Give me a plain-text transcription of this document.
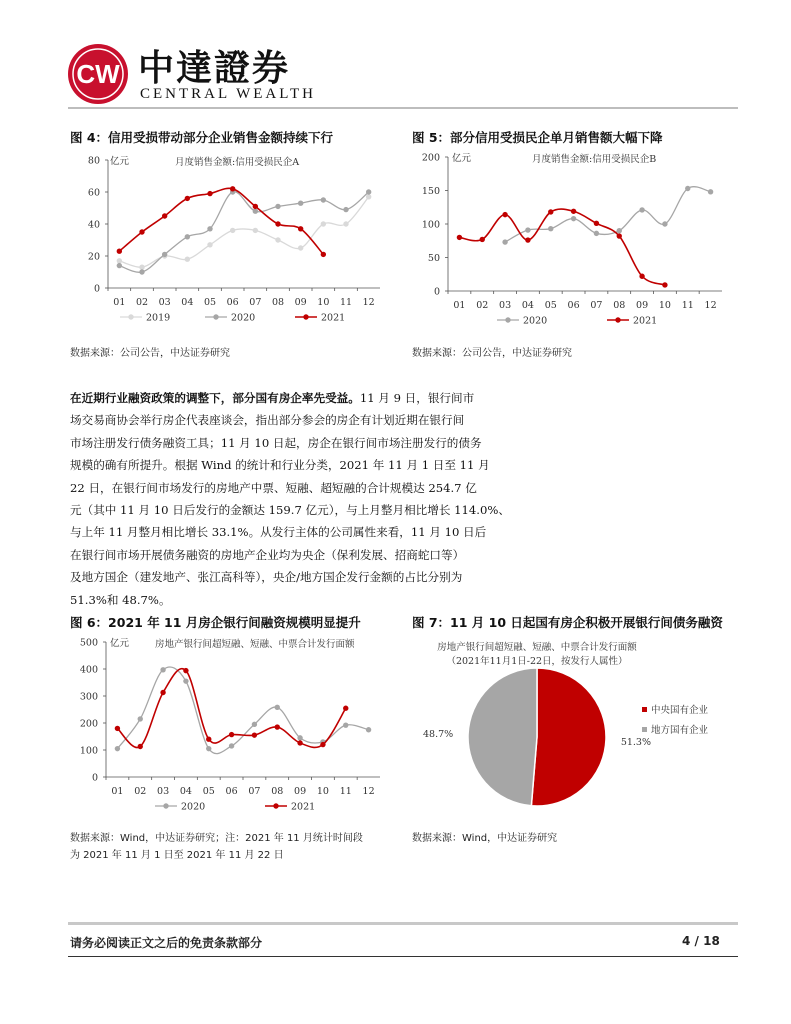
CW 中達證券
CENTRAL WEALTH
图 4：信用受损带动部分企业销售金额持续下行	图 5：部分信用受损民企单月销售额大幅下降
0
20
40
60
80
01 02 03 04 05 06 07 08 09 10 11 12
亿元	月度销售金额:信用受损民企A
2019	2020	2021
0
50
100
150
200
01 02 03 04 05 06 07 08 09 10 11 12
亿元	月度销售金额:信用受损民企B
2020	2021
数据来源：公司公告，中达证券研究	数据来源：公司公告，中达证券研究
在近期行业融资政策的调整下，部分国有房企率先受益。11 月 9 日，银行间市
场交易商协会举行房企代表座谈会，指出部分参会的房企有计划近期在银行间
市场注册发行债务融资工具；11 月 10 日起，房企在银行间市场注册发行的债务
规模的确有所提升。根据 Wind 的统计和行业分类，2021 年 11 月 1 日至 11 月
22 日，在银行间市场发行的房地产中票、短融、超短融的合计规模达 254.7 亿
元（其中 11 月 10 日后发行的金额达 159.7 亿元），与上月整月相比增长 114.0%、
与上年 11 月整月相比增长 33.1%。从发行主体的公司属性来看，11 月 10 日后
在银行间市场开展债务融资的房地产企业均为央企（保利发展、招商蛇口等）
及地方国企（建发地产、张江高科等），央企/地方国企发行金额的占比分别为
51.3%和 48.7%。
图 6：2021 年 11 月房企银行间融资规模明显提升	图 7：11 月 10 日起国有房企积极开展银行间债务融资
0
100
200
300
400
500
01 02 03 04 05 06 07 08 09 10 11 12
亿元	房地产银行间超短融、短融、中票合计发行面额
2020	2021
房地产银行间超短融、短融、中票合计发行面额
（2021年11月1日-22日，按发行人属性）
51.3%
48.7%
中央国有企业
地方国有企业
数据来源：Wind，中达证券研究；注：2021 年 11 月统计时间段
为 2021 年 11 月 1 日至 2021 年 11 月 22 日
数据来源：Wind，中达证券研究
请务必阅读正文之后的免责条款部分	4 / 18
